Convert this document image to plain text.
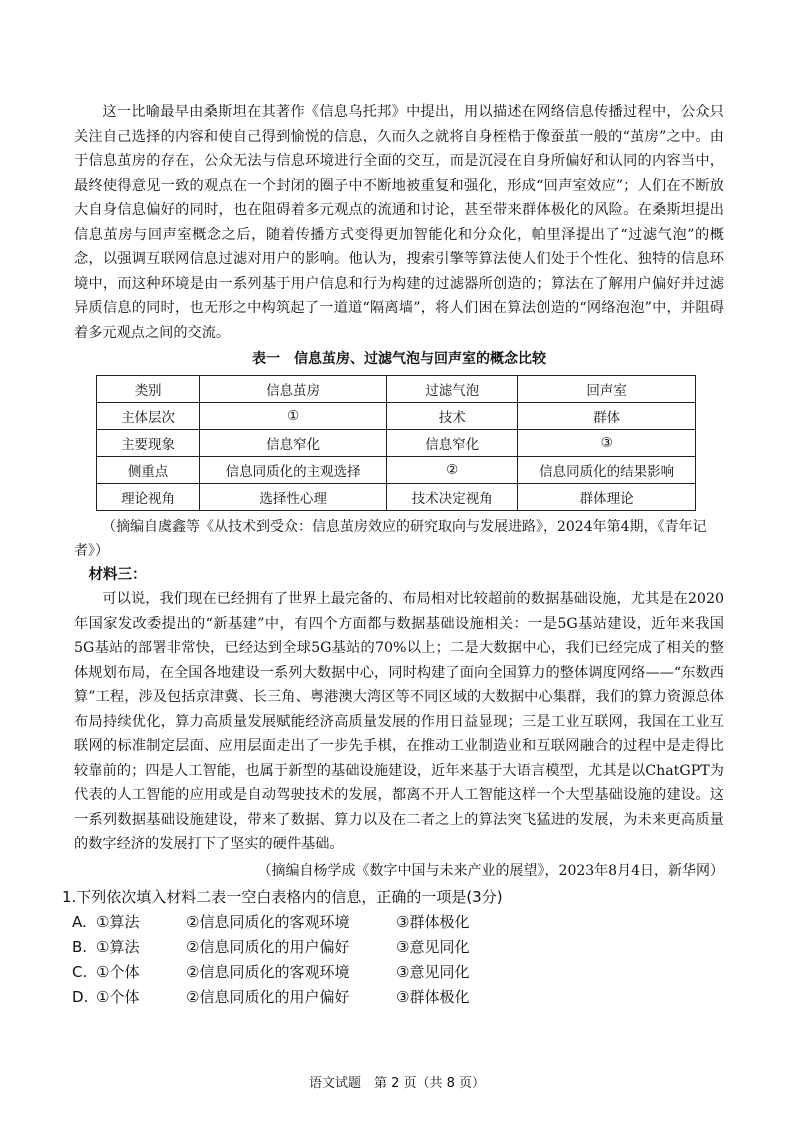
这一比喻最早由桑斯坦在其著作《信息乌托邦》中提出，用以描述在网络信息传播过程中，公众只关注自己选择的内容和使自己得到愉悦的信息，久而久之就将自身桎梏于像蚕茧一般的“茧房”之中。由于信息茧房的存在，公众无法与信息环境进行全面的交互，而是沉浸在自身所偏好和认同的内容当中，最终使得意见一致的观点在一个封闭的圈子中不断地被重复和强化，形成“回声室效应”；人们在不断放大自身信息偏好的同时，也在阻碍着多元观点的流通和讨论，甚至带来群体极化的风险。在桑斯坦提出信息茧房与回声室概念之后，随着传播方式变得更加智能化和分众化，帕里泽提出了“过滤气泡”的概念，以强调互联网信息过滤对用户的影响。他认为，搜索引擎等算法使人们处于个性化、独特的信息环境中，而这种环境是由一系列基于用户信息和行为构建的过滤器所创造的；算法在了解用户偏好并过滤异质信息的同时，也无形之中构筑起了一道道“隔离墙”，将人们困在算法创造的“网络泡泡”中，并阻碍着多元观点之间的交流。

表一　信息茧房、过滤气泡与回声室的概念比较
类别	信息茧房	过滤气泡	回声室
主体层次	①	技术	群体
主要现象	信息窄化	信息窄化	③
侧重点	信息同质化的主观选择	②	信息同质化的结果影响
理论视角	选择性心理	技术决定视角	群体理论

（摘编自虞鑫等《从技术到受众：信息茧房效应的研究取向与发展进路》，2024年第4期，《青年记者》）

材料三：

可以说，我们现在已经拥有了世界上最完备的、布局相对比较超前的数据基础设施，尤其是在2020年国家发改委提出的“新基建”中，有四个方面都与数据基础设施相关：一是5G基站建设，近年来我国5G基站的部署非常快，已经达到全球5G基站的70%以上；二是大数据中心，我们已经完成了相关的整体规划布局，在全国各地建设一系列大数据中心，同时构建了面向全国算力的整体调度网络——“东数西算”工程，涉及包括京津冀、长三角、粤港澳大湾区等不同区域的大数据中心集群，我们的算力资源总体布局持续优化，算力高质量发展赋能经济高质量发展的作用日益显现；三是工业互联网，我国在工业互联网的标准制定层面、应用层面走出了一步先手棋，在推动工业制造业和互联网融合的过程中是走得比较靠前的；四是人工智能，也属于新型的基础设施建设，近年来基于大语言模型，尤其是以ChatGPT为代表的人工智能的应用或是自动驾驶技术的发展，都离不开人工智能这样一个大型基础设施的建设。这一系列数据基础设施建设，带来了数据、算力以及在二者之上的算法突飞猛进的发展，为未来更高质量的数字经济的发展打下了坚实的硬件基础。

（摘编自杨学成《数字中国与未来产业的展望》，2023年8月4日，新华网）

1.下列依次填入材料二表一空白表格内的信息，正确的一项是(3分)
A. ①算法	②信息同质化的客观环境	③群体极化
B. ①算法	②信息同质化的用户偏好	③意见同化
C. ①个体	②信息同质化的客观环境	③意见同化
D. ①个体	②信息同质化的用户偏好	③群体极化
语文试题　第 2 页（共 8 页）
